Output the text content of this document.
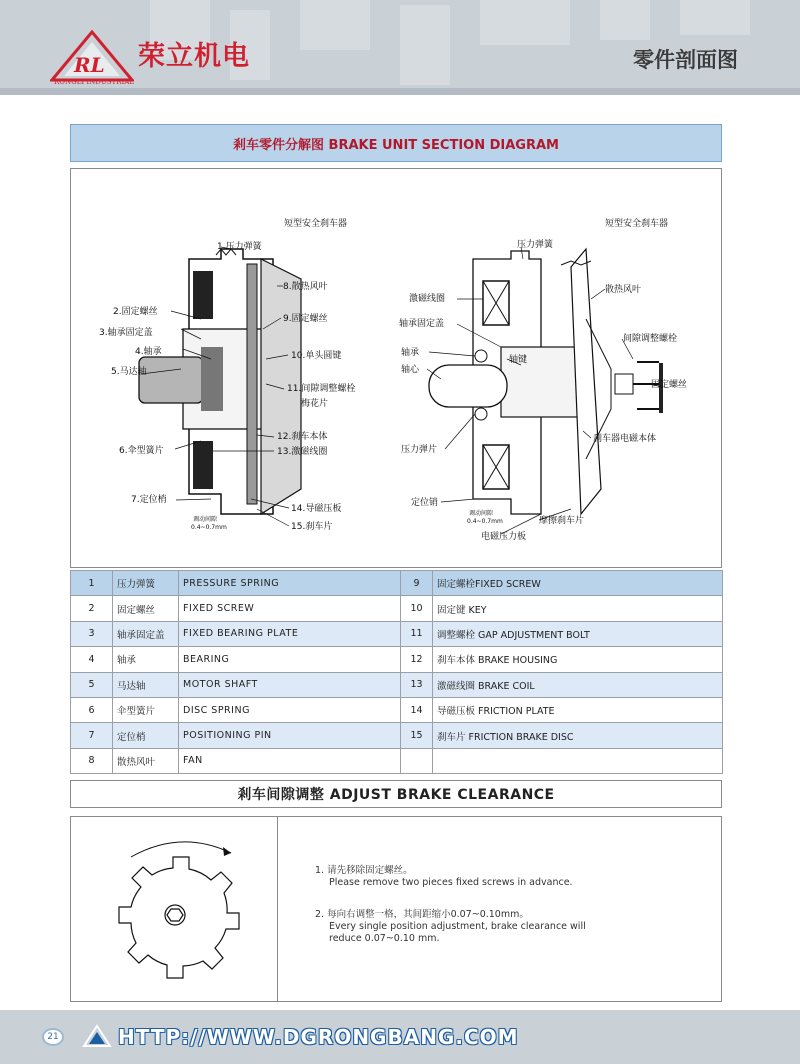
RL 荣立机电
RONGLI INDUSTRIAL
零件剖面图
剎车零件分解图 BRAKE UNIT SECTION DIAGRAM
短型安全刹车器
1.压力弹簧
8.散热风叶
2.固定螺丝
9.固定螺丝
3.轴承固定盖
4.轴承	10.单头圆键
5.马达轴
11.间隙调整螺栓
梅花片
6.伞型簧片
12.刹车本体
13.激磁线圈
7.定位梢
14.导磁压板
15.刹车片
调动间隙
0.4~0.7mm
短型安全刹车器
压力弹簧
激磁线圈
散热风叶
轴承固定盖
间隙调整螺栓
轴承
轴键
轴心
固定螺丝
压力弹片
刹车器电磁本体
定位销
摩擦刹车片
电磁压力板
调动间隙
0.4~0.7mm
1	压力弹簧	PRESSURE SPRING	9	固定螺栓FIXED SCREW
2	固定螺丝	FIXED SCREW	10	固定键 KEY
3	轴承固定盖	FIXED BEARING PLATE	11	调整螺栓 GAP ADJUSTMENT BOLT
4	轴承	BEARING	12	刹车本体 BRAKE HOUSING
5	马达轴	MOTOR SHAFT	13	激磁线圈 BRAKE COIL
6	伞型簧片	DISC SPRING	14	导磁压板 FRICTION PLATE
7	定位梢	POSITIONING PIN	15	刹车片 FRICTION BRAKE DISC
8	散热风叶	FAN		
剎车间隙调整 ADJUST BRAKE CLEARANCE
1. 请先移除固定螺丝。
Please remove two pieces fixed screws in advance.
2. 每向右调整一格，其间距缩小0.07~0.10mm。
Every single position adjustment, brake clearance will
reduce 0.07~0.10 mm.
21	HTTP://WWW.DGRONGBANG.COM
